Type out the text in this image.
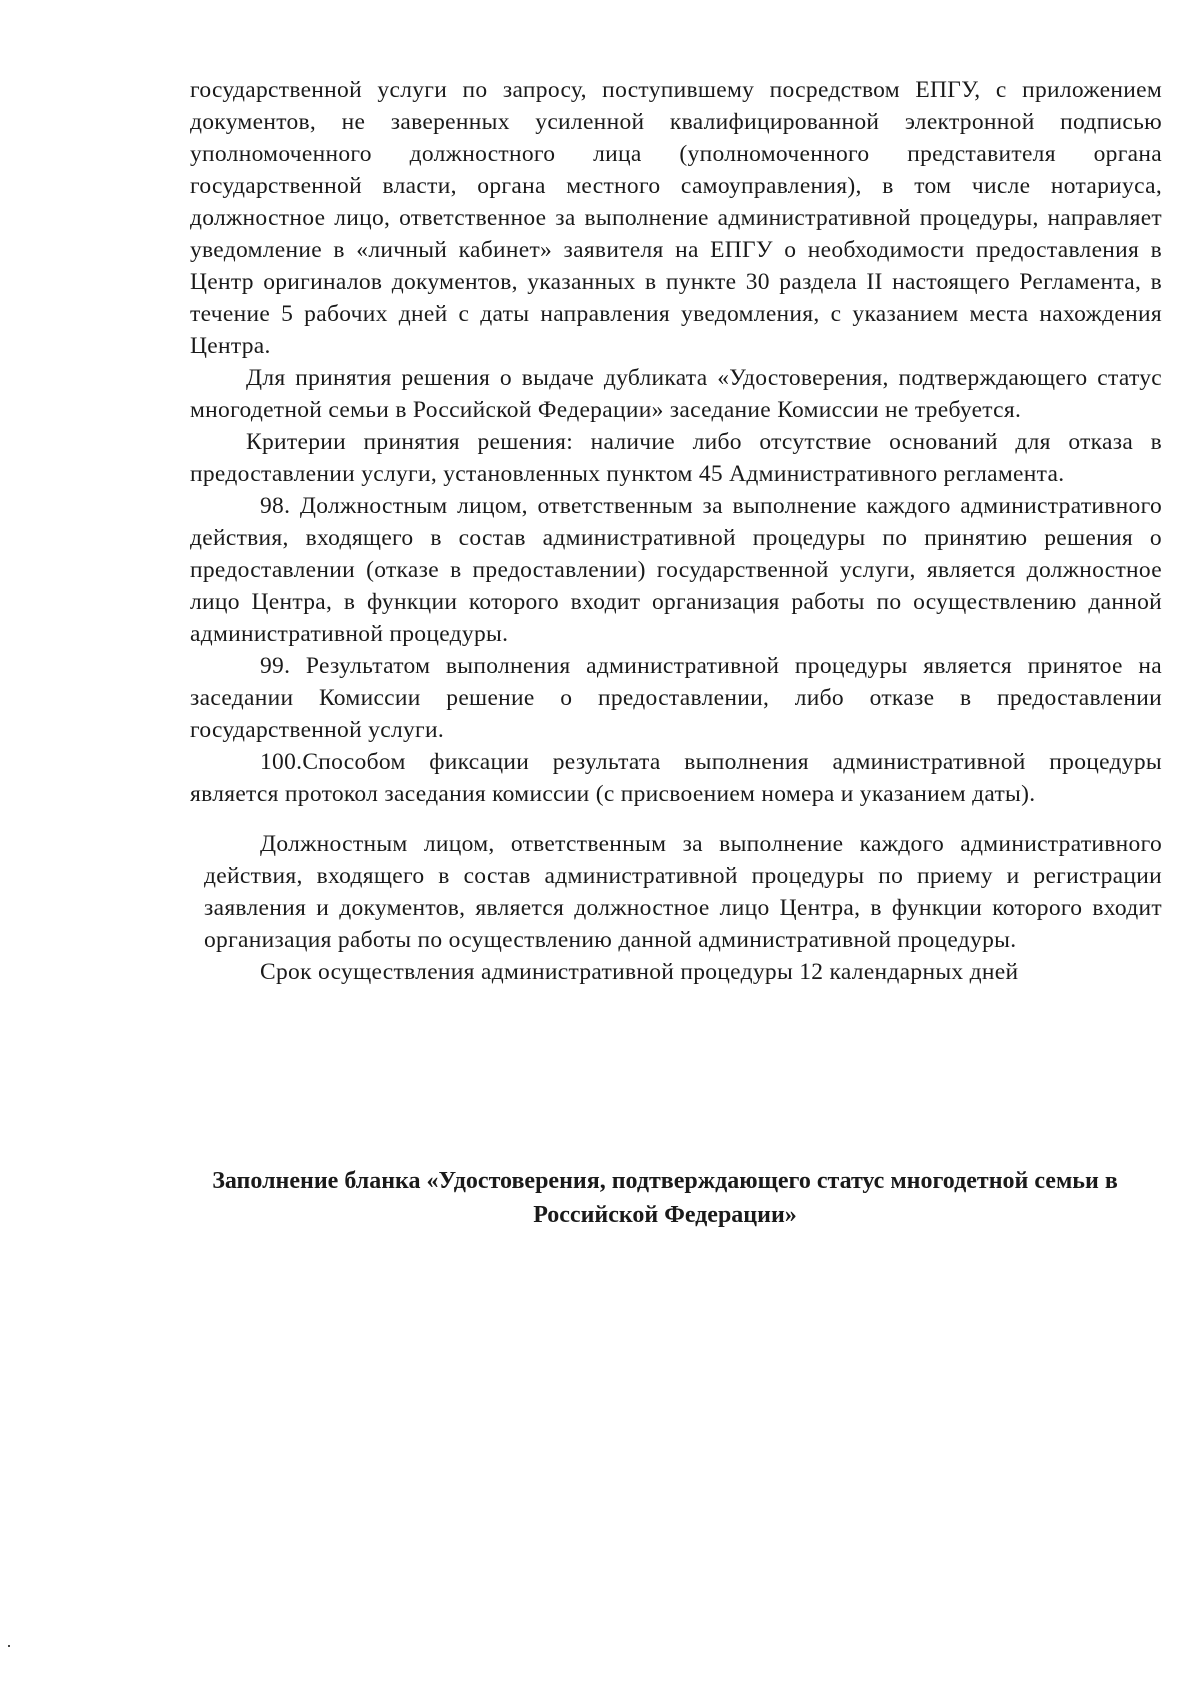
государственной услуги по запросу, поступившему посредством ЕПГУ, с приложением документов, не заверенных усиленной квалифицированной электронной подписью уполномоченного должностного лица (уполномоченного представителя органа государственной власти, органа местного самоуправления), в том числе нотариуса, должностное лицо, ответственное за выполнение административной процедуры, направляет уведомление в «личный кабинет» заявителя на ЕПГУ о необходимости предоставления в Центр оригиналов документов, указанных в пункте 30 раздела II настоящего Регламента, в течение 5 рабочих дней с даты направления уведомления, с указанием места нахождения Центра.

Для принятия решения о выдаче дубликата «Удостоверения, подтверждающего статус многодетной семьи в Российской Федерации» заседание Комиссии не требуется.

Критерии принятия решения: наличие либо отсутствие оснований для отказа в предоставлении услуги, установленных пунктом 45 Административного регламента.

98. Должностным лицом, ответственным за выполнение каждого административного действия, входящего в состав административной процедуры по принятию решения о предоставлении (отказе в предоставлении) государственной услуги, является должностное лицо Центра, в функции которого входит организация работы по осуществлению данной административной процедуры.

99. Результатом выполнения административной процедуры является принятое на заседании Комиссии решение о предоставлении, либо отказе в предоставлении государственной услуги.

100.Способом фиксации результата выполнения административной процедуры является протокол заседания комиссии (с присвоением номера и указанием даты).

Должностным лицом, ответственным за выполнение каждого административного действия, входящего в состав административной процедуры по приему и регистрации заявления и документов, является должностное лицо Центра, в функции которого входит организация работы по осуществлению данной административной процедуры.

Срок осуществления административной процедуры 12 календарных дней

Заполнение бланка «Удостоверения, подтверждающего статус многодетной семьи в Российской Федерации»
